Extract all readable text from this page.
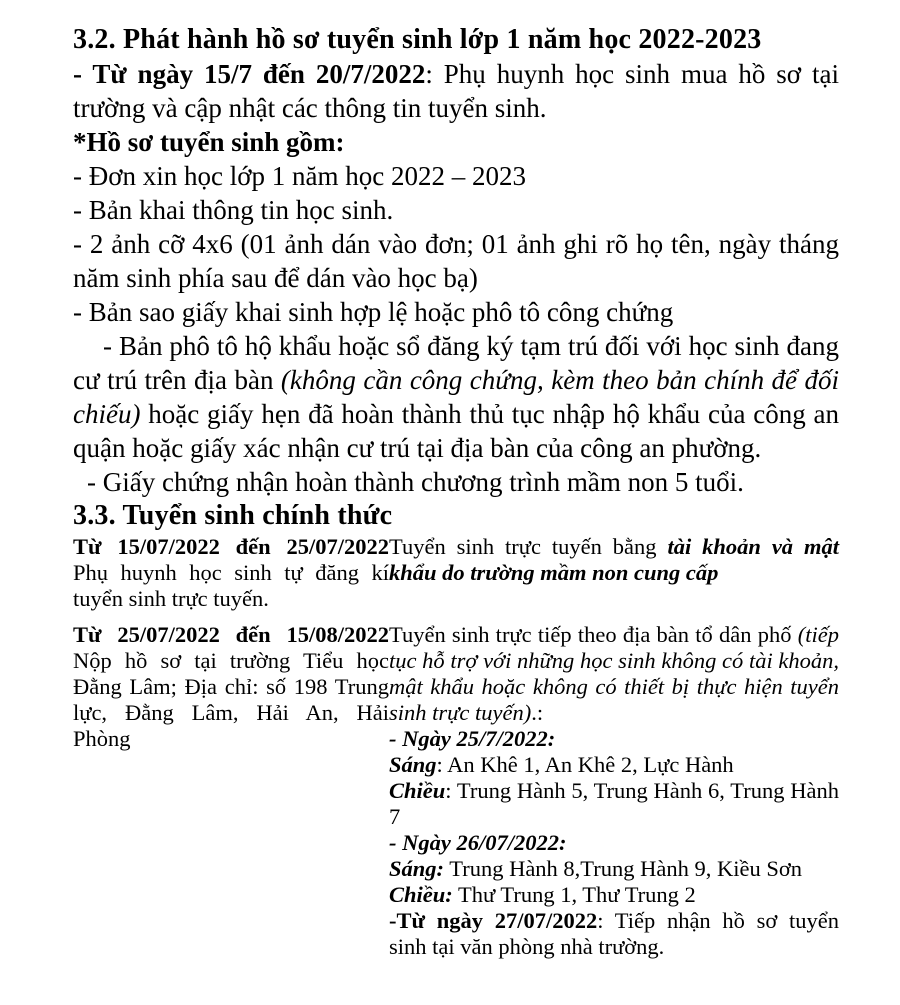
3.2. Phát hành hồ sơ tuyển sinh lớp 1 năm học 2022-2023

- Từ ngày 15/7 đến 20/7/2022: Phụ huynh học sinh mua hồ sơ tại trường và cập nhật các thông tin tuyển sinh.

*Hồ sơ tuyển sinh gồm:

- Đơn xin học lớp 1 năm học 2022 – 2023

- Bản khai thông tin học sinh.

- 2 ảnh cỡ 4x6 (01 ảnh dán vào đơn; 01 ảnh ghi rõ họ tên, ngày tháng năm sinh phía sau để dán vào học bạ)

- Bản sao giấy khai sinh hợp lệ hoặc phô tô công chứng

- Bản phô tô hộ khẩu hoặc sổ đăng ký tạm trú đối với học sinh đang cư trú trên địa bàn (không cần công chứng, kèm theo bản chính để đối chiếu) hoặc giấy hẹn đã hoàn thành thủ tục nhập hộ khẩu của công an quận hoặc giấy xác nhận cư trú tại địa bàn của công an phường.

- Giấy chứng nhận hoàn thành chương trình mầm non 5 tuổi.

3.3. Tuyển sinh chính thức
Từ 15/07/2022 đến 25/07/2022 Phụ huynh học sinh tự đăng kí tuyển sinh trực tuyến.
Tuyển sinh trực tuyến bằng tài khoản và mật khẩu do trường mầm non cung cấp
Từ 25/07/2022 đến 15/08/2022 Nộp hồ sơ tại trường Tiểu học Đằng Lâm; Địa chỉ: số 198 Trung lực, Đằng Lâm, Hải An, Hải Phòng

Tuyển sinh trực tiếp theo địa bàn tổ dân phố (tiếp tục hỗ trợ với những học sinh không có tài khoản, mật khẩu hoặc không có thiết bị thực hiện tuyển sinh trực tuyến).:

- Ngày 25/7/2022:

Sáng: An Khê 1, An Khê 2, Lực Hành

Chiều: Trung Hành 5, Trung Hành 6, Trung Hành 7

- Ngày 26/07/2022:

Sáng: Trung Hành 8,Trung Hành 9, Kiều Sơn

Chiều: Thư Trung 1, Thư Trung 2

-Từ ngày 27/07/2022: Tiếp nhận hồ sơ tuyển sinh tại văn phòng nhà trường.
